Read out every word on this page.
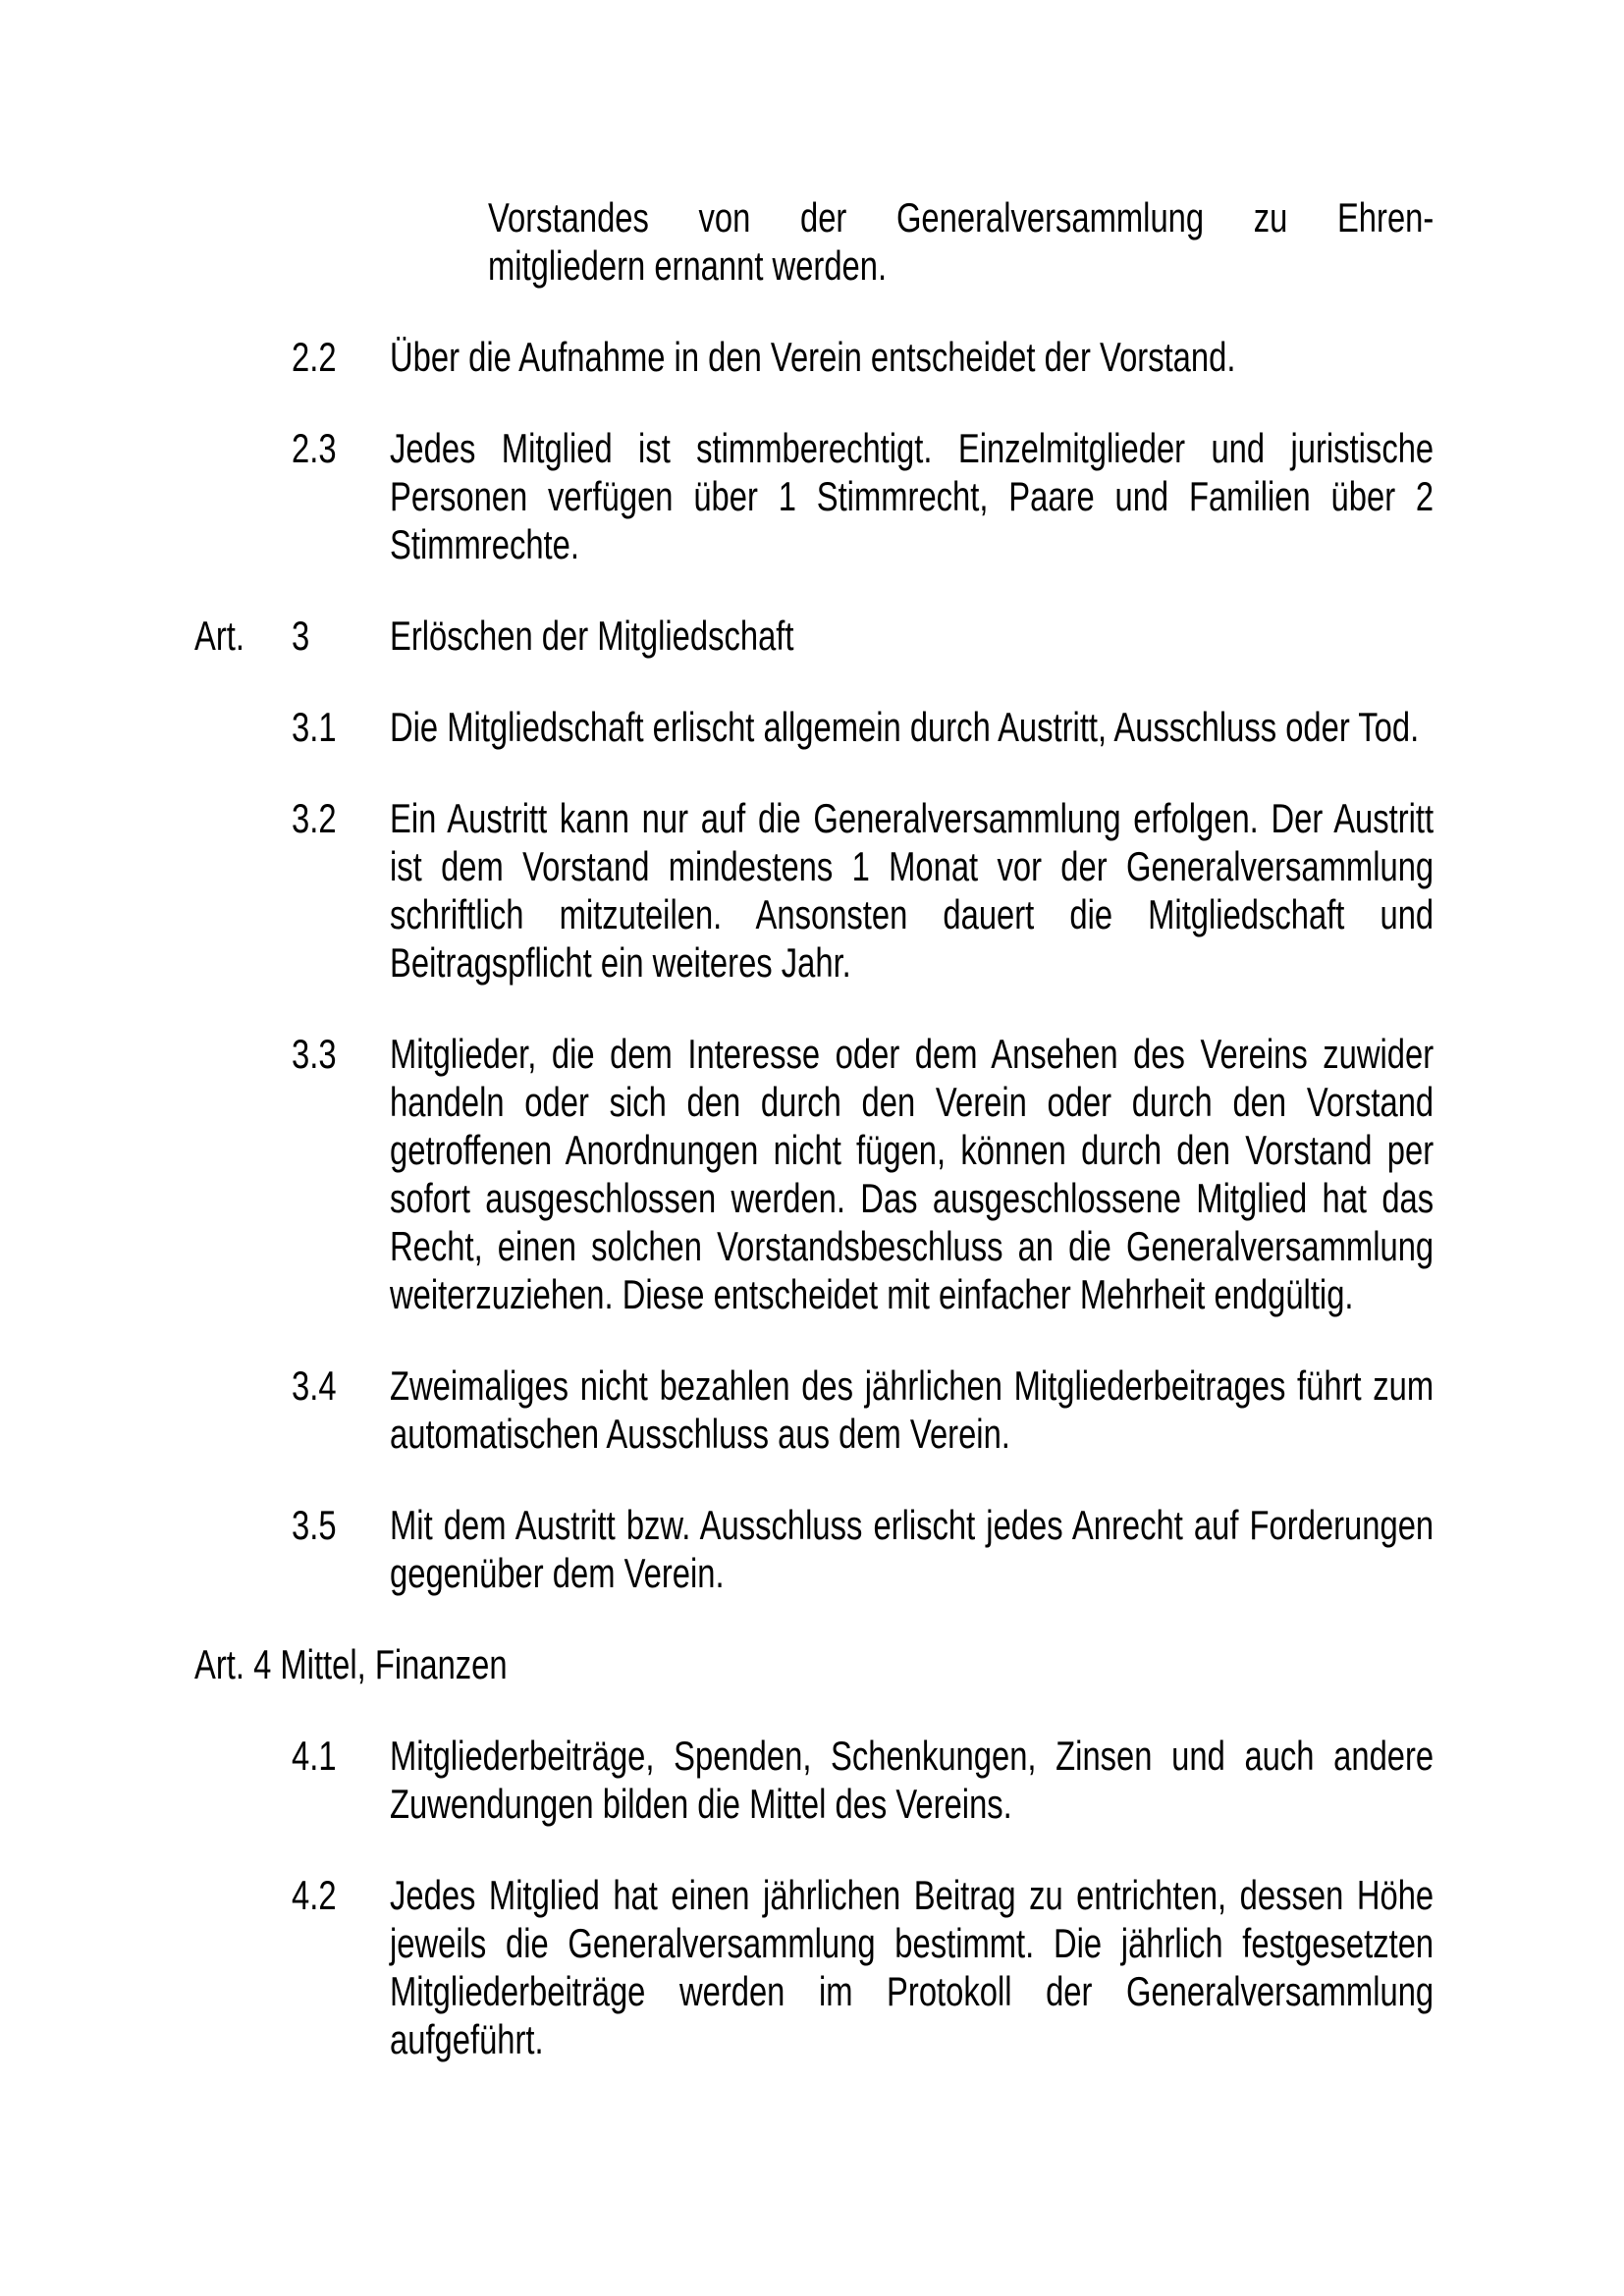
Vorstandes von der Generalversammlung zu Ehren-
mitgliedern ernannt werden.
2.2	Über die Aufnahme in den Verein entscheidet der Vorstand.
2.3	Jedes Mitglied ist stimmberechtigt. Einzelmitglieder und juristische Personen verfügen über 1 Stimmrecht, Paare und Familien über 2 Stimmrechte.
Art.	3	Erlöschen der Mitgliedschaft
3.1	Die Mitgliedschaft erlischt allgemein durch Austritt, Ausschluss oder Tod.
3.2	Ein Austritt kann nur auf die Generalversammlung erfolgen. Der Austritt ist dem Vorstand mindestens 1 Monat vor der Generalversammlung schriftlich mitzuteilen. Ansonsten dauert die Mitgliedschaft und Beitragspflicht ein weiteres Jahr.
3.3	Mitglieder, die dem Interesse oder dem Ansehen des Vereins zuwider handeln oder sich den durch den Verein oder durch den Vorstand getroffenen Anordnungen nicht fügen, können durch den Vorstand per sofort ausgeschlossen werden. Das ausgeschlossene Mitglied hat das Recht, einen solchen Vorstandsbeschluss an die Generalversammlung weiterzuziehen. Diese entscheidet mit einfacher Mehrheit endgültig.
3.4	Zweimaliges nicht bezahlen des jährlichen Mitgliederbeitrages führt zum automatischen Ausschluss aus dem Verein.
3.5	Mit dem Austritt bzw. Ausschluss erlischt jedes Anrecht auf Forderungen gegenüber dem Verein.
Art. 4 Mittel, Finanzen
4.1	Mitgliederbeiträge, Spenden, Schenkungen, Zinsen und auch andere Zuwendungen bilden die Mittel des Vereins.
4.2	Jedes Mitglied hat einen jährlichen Beitrag zu entrichten, dessen Höhe jeweils die Generalversammlung bestimmt. Die jährlich festgesetzten Mitgliederbeiträge werden im Protokoll der Generalversammlung aufgeführt.
